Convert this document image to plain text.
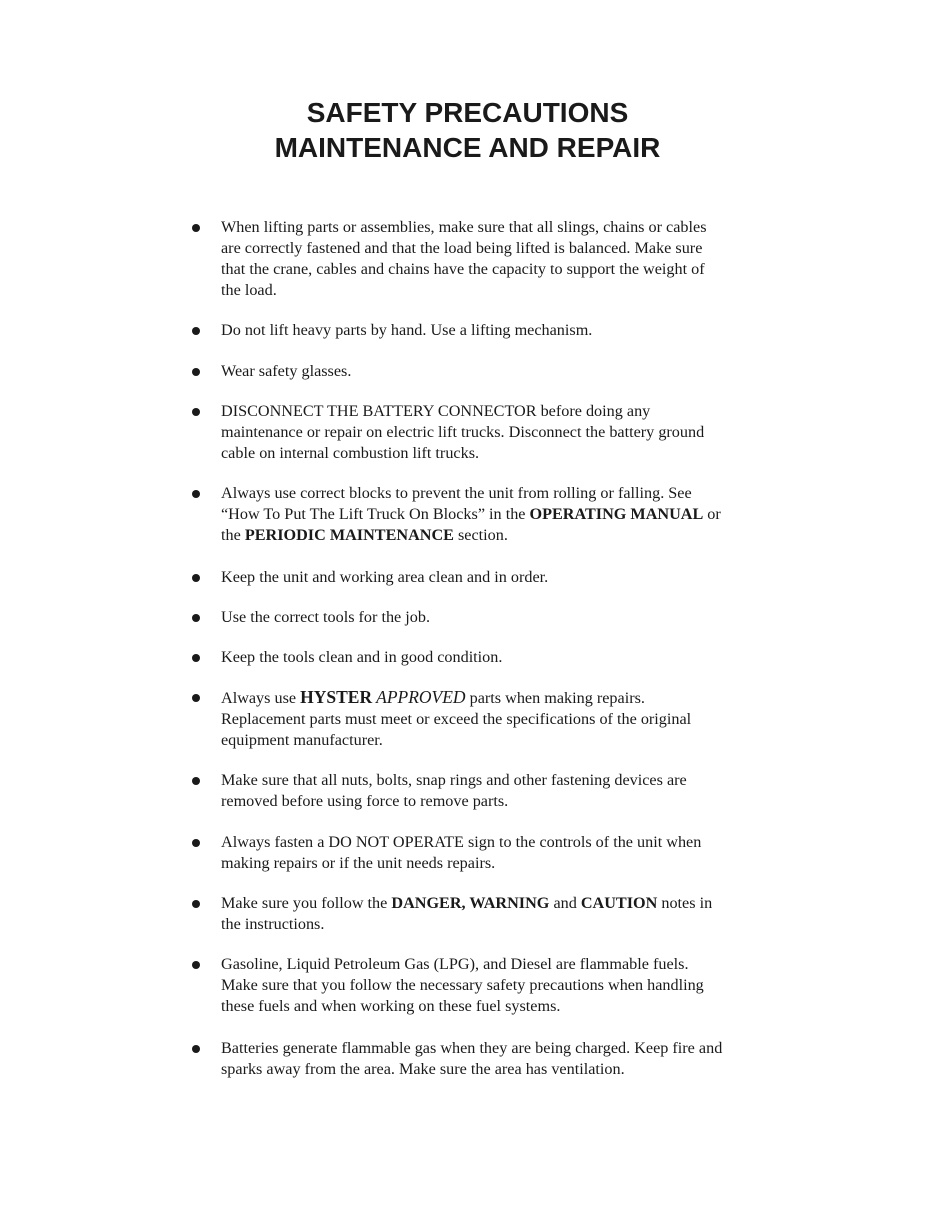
SAFETY PRECAUTIONS
MAINTENANCE AND REPAIR
When lifting parts or assemblies, make sure that all slings, chains or cables
are correctly fastened and that the load being lifted is balanced. Make sure
that the crane, cables and chains have the capacity to support the weight of
the load.
Do not lift heavy parts by hand. Use a lifting mechanism.
Wear safety glasses.
DISCONNECT THE BATTERY CONNECTOR before doing any
maintenance or repair on electric lift trucks. Disconnect the battery ground
cable on internal combustion lift trucks.
Always use correct blocks to prevent the unit from rolling or falling. See
“How To Put The Lift Truck On Blocks” in the OPERATING MANUAL or
the PERIODIC MAINTENANCE section.
Keep the unit and working area clean and in order.
Use the correct tools for the job.
Keep the tools clean and in good condition.
Always use HYSTER APPROVED parts when making repairs.
Replacement parts must meet or exceed the specifications of the original
equipment manufacturer.
Make sure that all nuts, bolts, snap rings and other fastening devices are
removed before using force to remove parts.
Always fasten a DO NOT OPERATE sign to the controls of the unit when
making repairs or if the unit needs repairs.
Make sure you follow the DANGER, WARNING and CAUTION notes in
the instructions.
Gasoline, Liquid Petroleum Gas (LPG), and Diesel are flammable fuels.
Make sure that you follow the necessary safety precautions when handling
these fuels and when working on these fuel systems.
Batteries generate flammable gas when they are being charged. Keep fire and
sparks away from the area. Make sure the area has ventilation.
